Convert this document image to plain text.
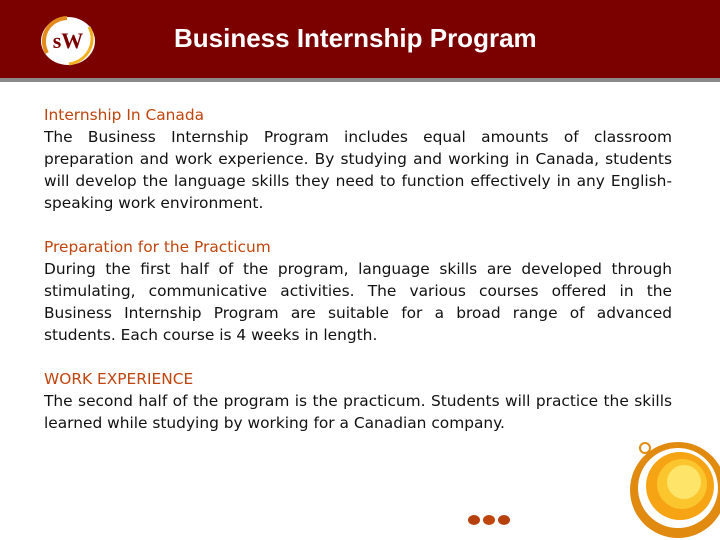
sW	Business Internship Program
Internship In Canada

The Business Internship Program includes equal amounts of classroom preparation and work experience. By studying and working in Canada, students will develop the language skills they need to function effectively in any English-speaking work environment.

Preparation for the Practicum

During the first half of the program, language skills are developed through stimulating, communicative activities. The various courses offered in the Business Internship Program are suitable for a broad range of advanced students. Each course is 4 weeks in length.

WORK EXPERIENCE

The second half of the program is the practicum. Students will practice the skills learned while studying by working for a Canadian company.
